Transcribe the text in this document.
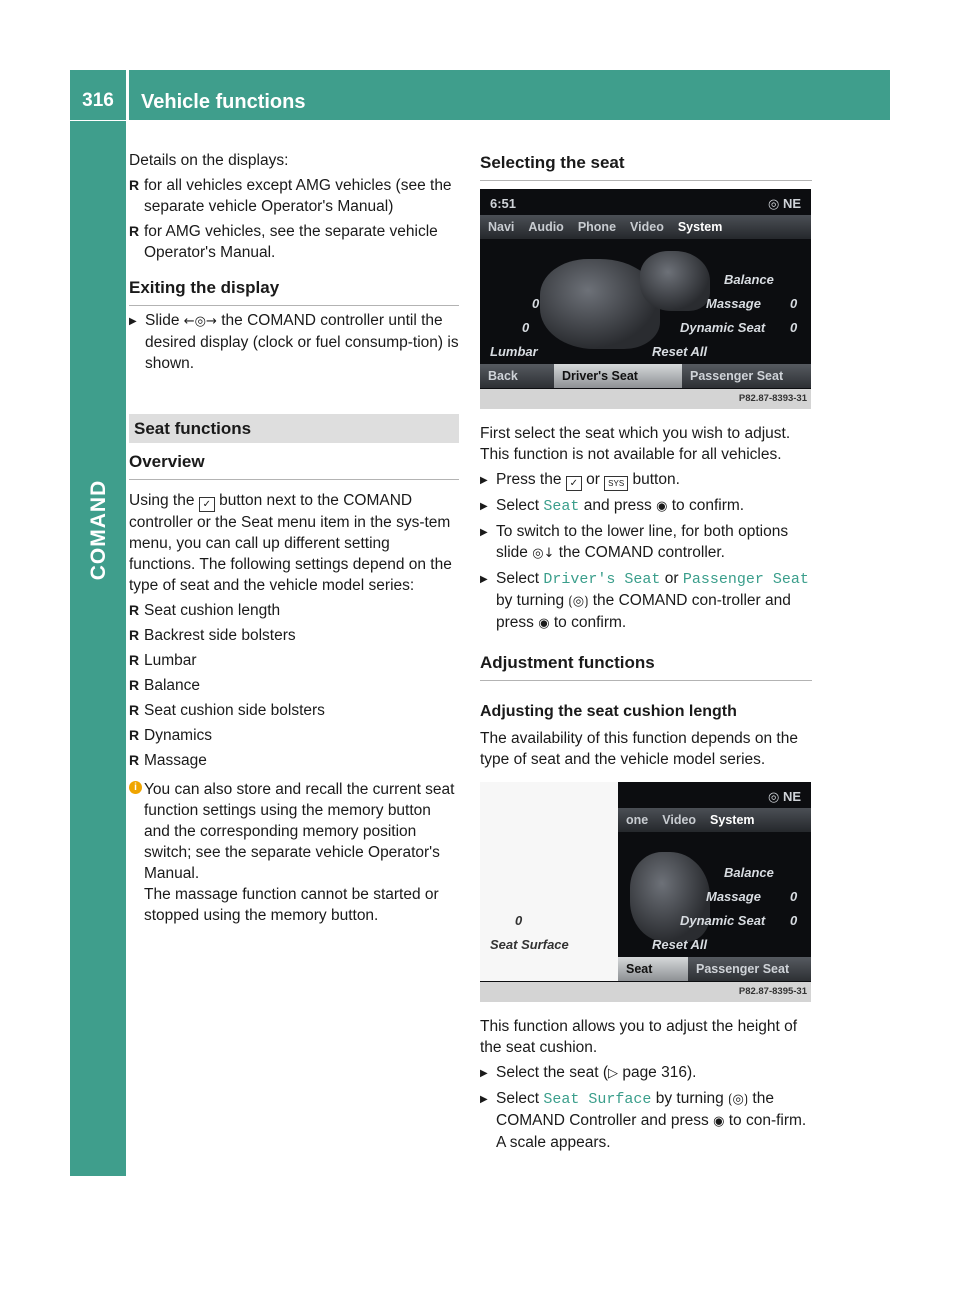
316	Vehicle functions
COMAND

Details on the displays:

R for all vehicles except AMG vehicles (see the separate vehicle Operator's Manual)
R for AMG vehicles, see the separate vehicle Operator's Manual.
Exiting the display
▶ Slide ←◎→ the COMAND controller until the desired display (clock or fuel consump-tion) is shown.
Seat functions
Overview

Using the ✓ button next to the COMAND controller or the Seat menu item in the sys-tem menu, you can call up different setting functions. The following settings depend on the type of seat and the vehicle model series:

R Seat cushion length
R Backrest side bolsters
R Lumbar
R Balance
R Seat cushion side bolsters
R Dynamics
R Massage
i You can also store and recall the current seat function settings using the memory button and the corresponding memory position switch; see the separate vehicle Operator's Manual.

The massage function cannot be started or stopped using the memory button.

Selecting the seat
6:51	◎ NE
Navi Audio Phone Video System
0
0
Balance
Massage 0
Dynamic Seat 0
Lumbar	Reset All
Back	Driver's Seat	Passenger Seat
P82.87-8393-31

First select the seat which you wish to adjust.

This function is not available for all vehicles.

▶ Press the ✓ or SYS button.
▶ Select Seat and press ◉ to confirm.
▶ To switch to the lower line, for both options slide ◎↓ the COMAND controller.
▶ Select Driver's Seat or Passenger Seat by turning ⟮◎⟯ the COMAND con-troller and press ◉ to confirm.
Adjustment functions
Adjusting the seat cushion length

The availability of this function depends on the type of seat and the vehicle model series.

◎ NE
one Video System
0
Seat Surface
Balance
Massage 0
Dynamic Seat 0
Reset All
Seat	Passenger Seat
P82.87-8395-31

This function allows you to adjust the height of the seat cushion.

▶ Select the seat (▷ page 316).
▶ Select Seat Surface by turning ⟮◎⟯ the COMAND Controller and press ◉ to con-firm.
A scale appears.
